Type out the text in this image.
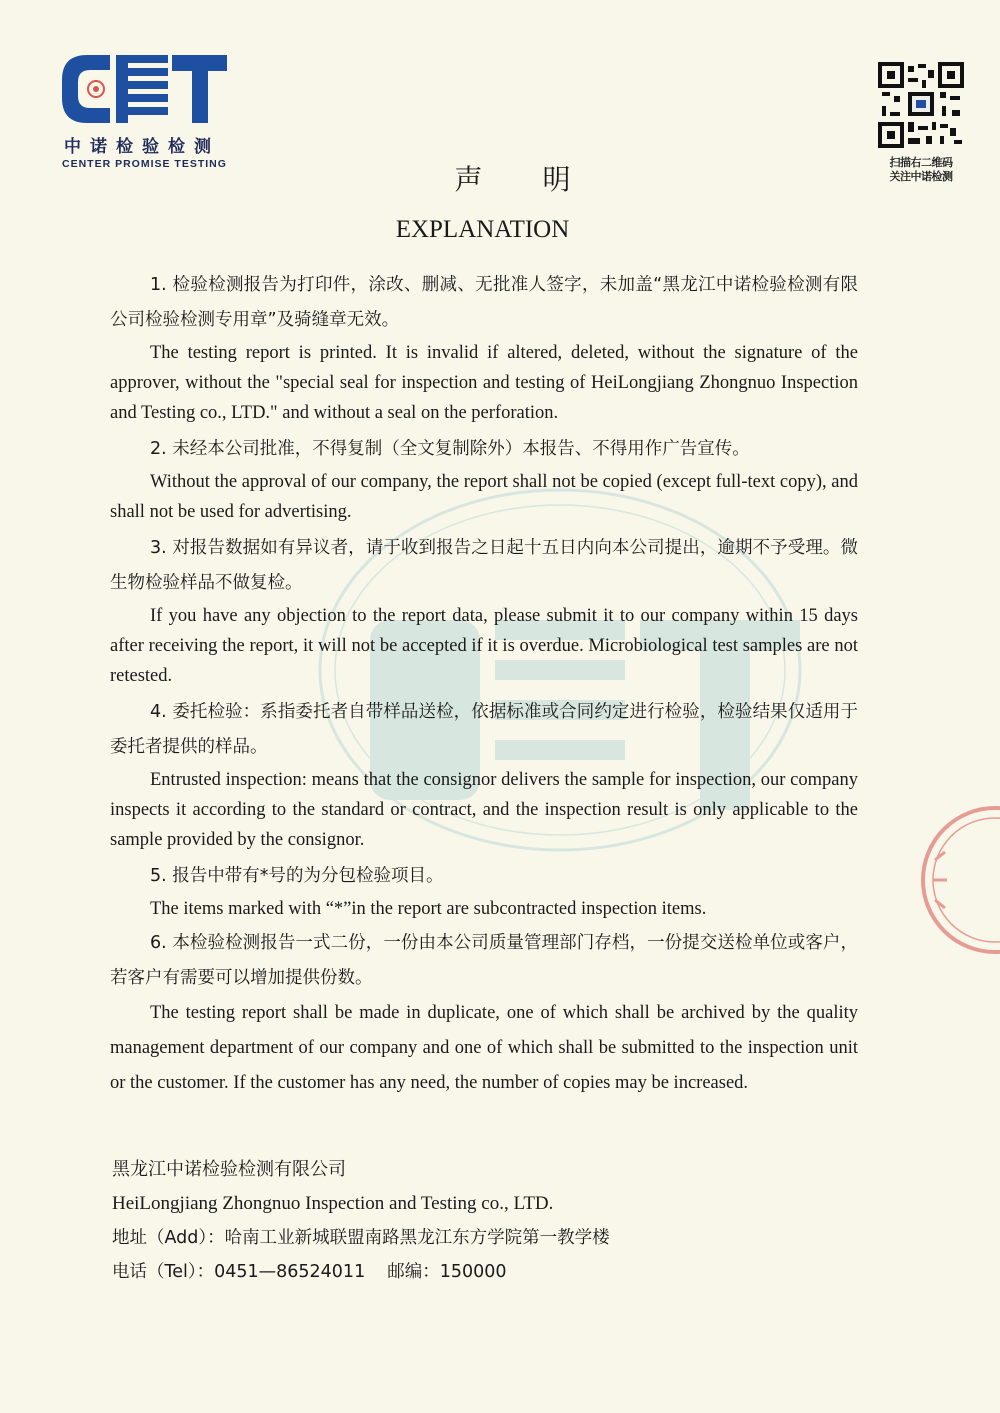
中诺检验检测
CENTER PROMISE TESTING	扫描右二维码
关注中诺检测
声明
EXPLANATION

1. 检验检测报告为打印件，涂改、删减、无批准人签字，未加盖“黑龙江中诺检验检测有限公司检验检测专用章”及骑缝章无效。

The testing report is printed. It is invalid if altered, deleted, without the signature of the approver, without the "special seal for inspection and testing of HeiLongjiang Zhongnuo Inspection and Testing co., LTD." and without a seal on the perforation.

2. 未经本公司批准，不得复制（全文复制除外）本报告、不得用作广告宣传。

Without the approval of our company, the report shall not be copied (except full-text copy), and shall not be used for advertising.

3. 对报告数据如有异议者，请于收到报告之日起十五日内向本公司提出，逾期不予受理。微生物检验样品不做复检。

If you have any objection to the report data, please submit it to our company within 15 days after receiving the report, it will not be accepted if it is overdue. Microbiological test samples are not retested.

4. 委托检验：系指委托者自带样品送检，依据标准或合同约定进行检验，检验结果仅适用于委托者提供的样品。

Entrusted inspection: means that the consignor delivers the sample for inspection, our company inspects it according to the standard or contract, and the inspection result is only applicable to the sample provided by the consignor.

5. 报告中带有*号的为分包检验项目。

The items marked with “*”in the report are subcontracted inspection items.

6. 本检验检测报告一式二份，一份由本公司质量管理部门存档，一份提交送检单位或客户，若客户有需要可以增加提供份数。

The testing report shall be made in duplicate, one of which shall be archived by the quality management department of our company and one of which shall be submitted to the inspection unit or the customer. If the customer has any need, the number of copies may be increased.

黑龙江中诺检验检测有限公司

HeiLongjiang Zhongnuo Inspection and Testing co., LTD.

地址（Add）：哈南工业新城联盟南路黑龙江东方学院第一教学楼

电话（Tel）：0451—86524011 邮编：150000
